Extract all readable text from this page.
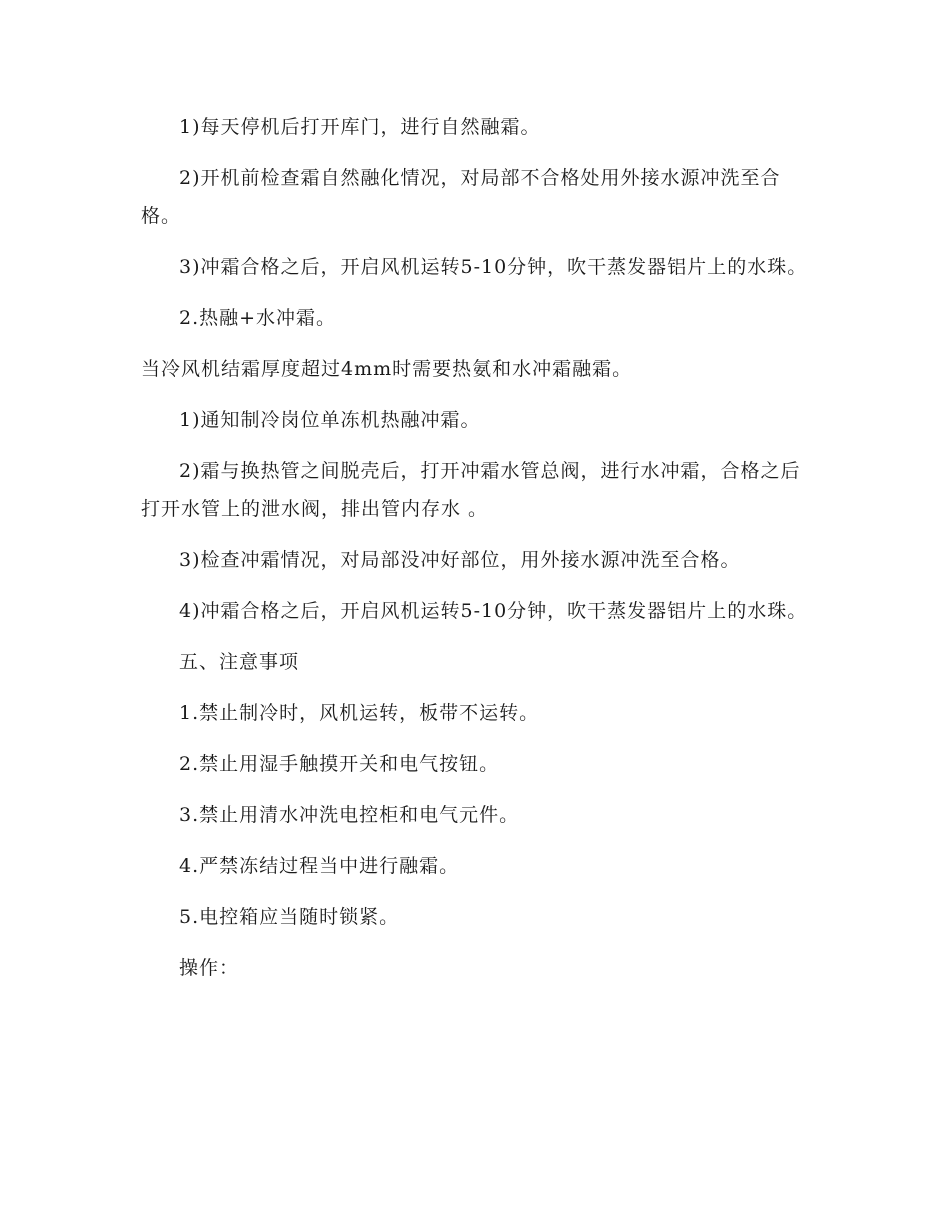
1)每天停机后打开库门，进行自然融霜。

2)开机前检查霜自然融化情况，对局部不合格处用外接水源冲洗至合格。

3)冲霜合格之后，开启风机运转5-10分钟，吹干蒸发器铝片上的水珠。

2.热融+水冲霜。

当冷风机结霜厚度超过4mm时需要热氨和水冲霜融霜。

1)通知制冷岗位单冻机热融冲霜。

2)霜与换热管之间脱壳后，打开冲霜水管总阀，进行水冲霜，合格之后打开水管上的泄水阀，排出管内存水 。

3)检查冲霜情况，对局部没冲好部位，用外接水源冲洗至合格。

4)冲霜合格之后，开启风机运转5-10分钟，吹干蒸发器铝片上的水珠。

五、注意事项

1.禁止制冷时，风机运转，板带不运转。

2.禁止用湿手触摸开关和电气按钮。

3.禁止用清水冲洗电控柜和电气元件。

4.严禁冻结过程当中进行融霜。

5.电控箱应当随时锁紧。

操作：
